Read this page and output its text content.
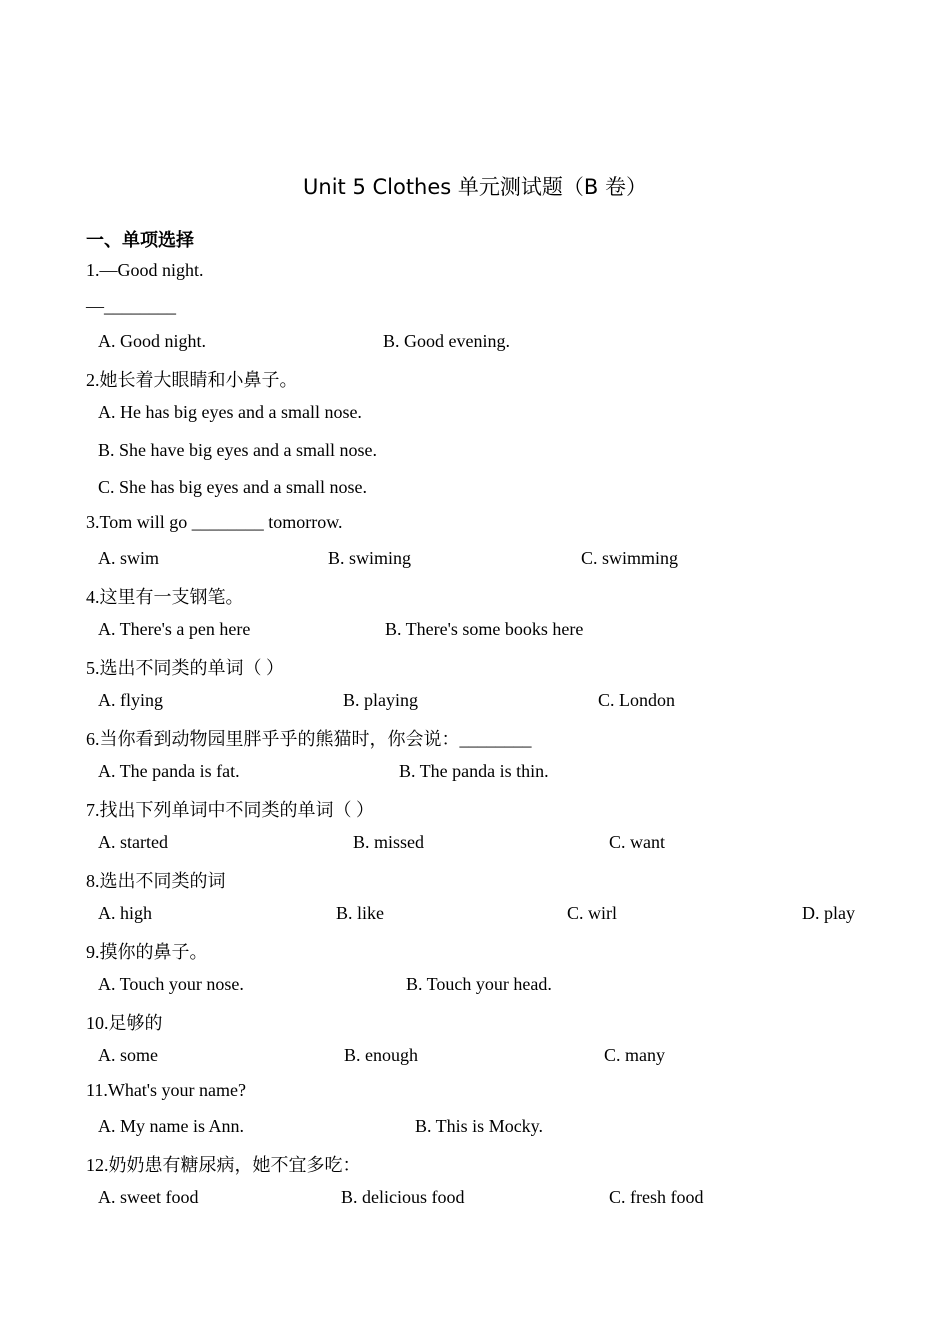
Unit 5 Clothes 单元测试题（B 卷）
一、单项选择
1.—Good night.
—________
A. Good night.	B. Good evening.
2.她长着大眼睛和小鼻子。
A. He has big eyes and a small nose.
B. She have big eyes and a small nose.
C. She has big eyes and a small nose.
3.Tom will go ________ tomorrow.
A. swim	B. swiming	C. swimming
4.这里有一支钢笔。
A. There's a pen here	B. There's some books here
5.选出不同类的单词（ ）
A. flying	B. playing	C. London
6.当你看到动物园里胖乎乎的熊猫时，你会说：________
A. The panda is fat.	B. The panda is thin.
7.找出下列单词中不同类的单词（ ）
A. started	B. missed	C. want
8.选出不同类的词
A. high	B. like	C. wirl	D. play
9.摸你的鼻子。
A. Touch your nose.	B. Touch your head.
10.足够的
A. some	B. enough	C. many
11.What's your name?
A. My name is Ann.	B. This is Mocky.
12.奶奶患有糖尿病，她不宜多吃：
A. sweet food	B. delicious food	C. fresh food
